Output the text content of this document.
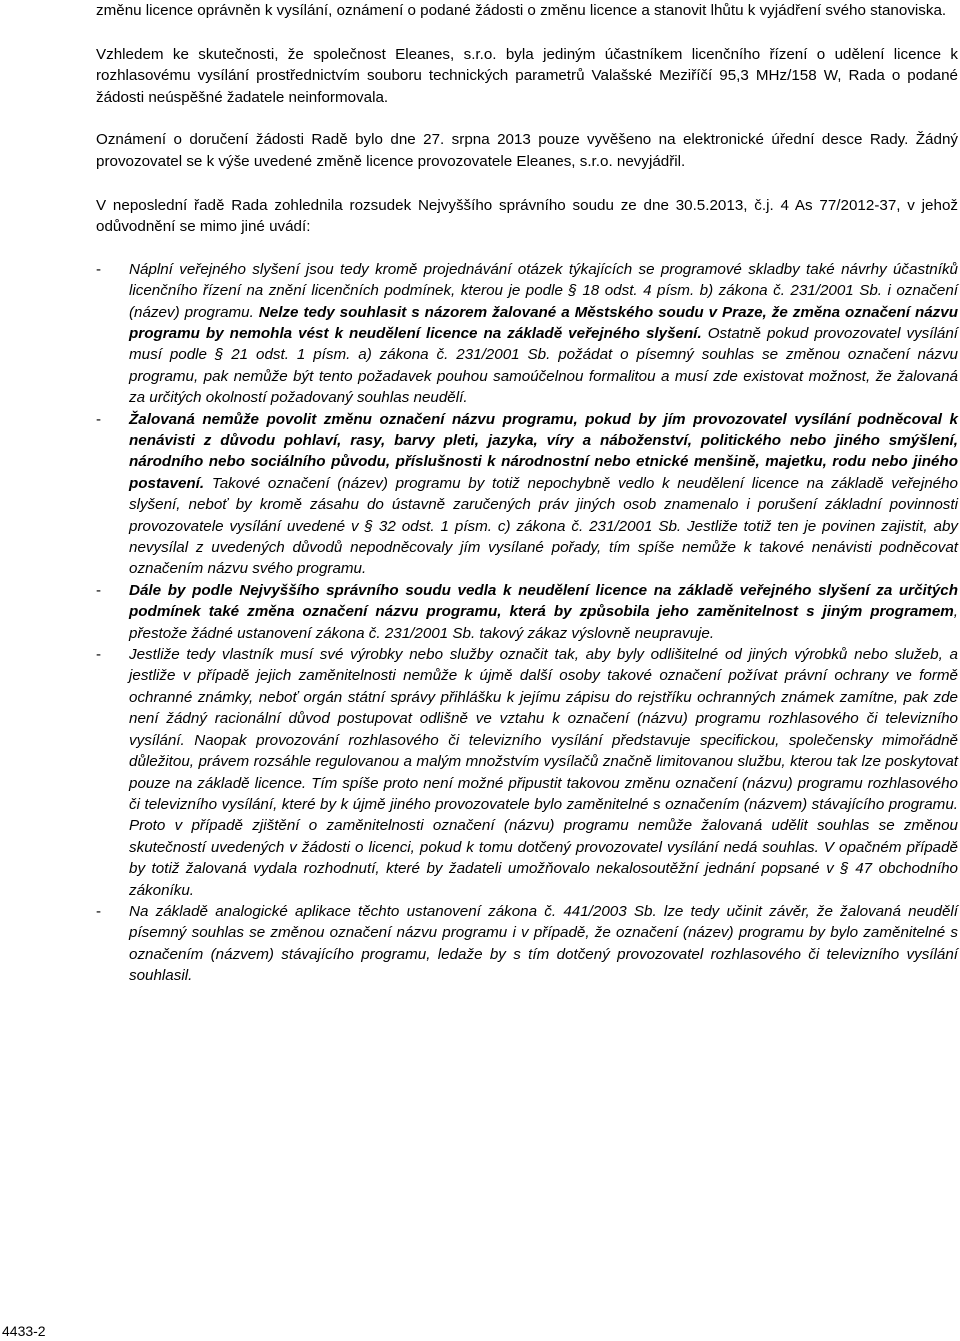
změnu licence oprávněn k vysílání, oznámení o podané žádosti o změnu licence a stanovit lhůtu k vyjádření svého stanoviska.

Vzhledem ke skutečnosti, že společnost Eleanes, s.r.o. byla jediným účastníkem licenčního řízení o udělení licence k rozhlasovému vysílání prostřednictvím souboru technických parametrů Valašské Meziříčí 95,3 MHz/158 W, Rada o podané žádosti neúspěšné žadatele neinformovala.

Oznámení o doručení žádosti Radě bylo dne 27. srpna 2013 pouze vyvěšeno na elektronické úřední desce Rady. Žádný provozovatel se k výše uvedené změně licence provozovatele Eleanes, s.r.o. nevyjádřil.

V neposlední řadě Rada zohlednila rozsudek Nejvyššího správního soudu ze dne 30.5.2013, č.j. 4 As 77/2012-37, v jehož odůvodnění se mimo jiné uvádí:

- Náplní veřejného slyšení jsou tedy kromě projednávání otázek týkajících se programové skladby také návrhy účastníků licenčního řízení na znění licenčních podmínek, kterou je podle § 18 odst. 4 písm. b) zákona č. 231/2001 Sb. i označení (název) programu. Nelze tedy souhlasit s názorem žalované a Městského soudu v Praze, že změna označení názvu programu by nemohla vést k neudělení licence na základě veřejného slyšení. Ostatně pokud provozovatel vysílání musí podle § 21 odst. 1 písm. a) zákona č. 231/2001 Sb. požádat o písemný souhlas se změnou označení názvu programu, pak nemůže být tento požadavek pouhou samoúčelnou formalitou a musí zde existovat možnost, že žalovaná za určitých okolností požadovaný souhlas neudělí.
- Žalovaná nemůže povolit změnu označení názvu programu, pokud by jím provozovatel vysílání podněcoval k nenávisti z důvodu pohlaví, rasy, barvy pleti, jazyka, víry a náboženství, politického nebo jiného smýšlení, národního nebo sociálního původu, příslušnosti k národnostní nebo etnické menšině, majetku, rodu nebo jiného postavení. Takové označení (název) programu by totiž nepochybně vedlo k neudělení licence na základě veřejného slyšení, neboť by kromě zásahu do ústavně zaručených práv jiných osob znamenalo i porušení základní povinnosti provozovatele vysílání uvedené v § 32 odst. 1 písm. c) zákona č. 231/2001 Sb. Jestliže totiž ten je povinen zajistit, aby nevysílal z uvedených důvodů nepodněcovaly jím vysílané pořady, tím spíše nemůže k takové nenávisti podněcovat označením názvu svého programu.
- Dále by podle Nejvyššího správního soudu vedla k neudělení licence na základě veřejného slyšení za určitých podmínek také změna označení názvu programu, která by způsobila jeho zaměnitelnost s jiným programem, přestože žádné ustanovení zákona č. 231/2001 Sb. takový zákaz výslovně neupravuje.
- Jestliže tedy vlastník musí své výrobky nebo služby označit tak, aby byly odlišitelné od jiných výrobků nebo služeb, a jestliže v případě jejich zaměnitelnosti nemůže k újmě další osoby takové označení požívat právní ochrany ve formě ochranné známky, neboť orgán státní správy přihlášku k jejímu zápisu do rejstříku ochranných známek zamítne, pak zde není žádný racionální důvod postupovat odlišně ve vztahu k označení (názvu) programu rozhlasového či televizního vysílání. Naopak provozování rozhlasového či televizního vysílání představuje specifickou, společensky mimořádně důležitou, právem rozsáhle regulovanou a malým množstvím vysílačů značně limitovanou službu, kterou tak lze poskytovat pouze na základě licence. Tím spíše proto není možné připustit takovou změnu označení (názvu) programu rozhlasového či televizního vysílání, které by k újmě jiného provozovatele bylo zaměnitelné s označením (názvem) stávajícího programu. Proto v případě zjištění o zaměnitelnosti označení (názvu) programu nemůže žalovaná udělit souhlas se změnou skutečností uvedených v žádosti o licenci, pokud k tomu dotčený provozovatel vysílání nedá souhlas. V opačném případě by totiž žalovaná vydala rozhodnutí, které by žadateli umožňovalo nekalosoutěžní jednání popsané v § 47 obchodního zákoníku.
- Na základě analogické aplikace těchto ustanovení zákona č. 441/2003 Sb. lze tedy učinit závěr, že žalovaná neudělí písemný souhlas se změnou označení názvu programu i v případě, že označení (název) programu by bylo zaměnitelné s označením (názvem) stávajícího programu, ledaže by s tím dotčený provozovatel rozhlasového či televizního vysílání souhlasil.
4433-2
